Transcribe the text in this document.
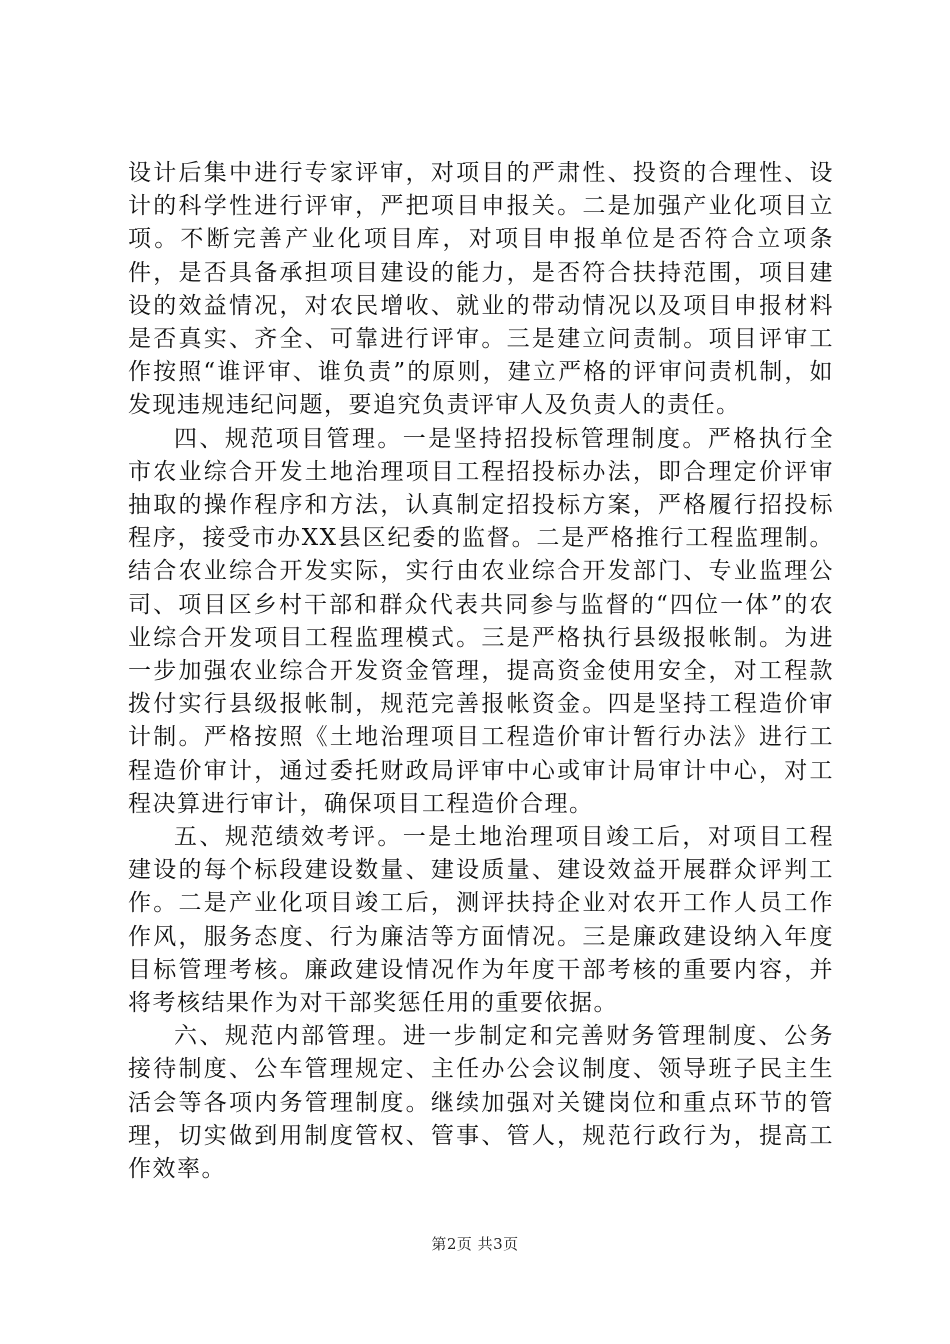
设计后集中进行专家评审，对项目的严肃性、投资的合理性、设计的科学性进行评审，严把项目申报关。二是加强产业化项目立项。不断完善产业化项目库，对项目申报单位是否符合立项条件，是否具备承担项目建设的能力，是否符合扶持范围，项目建设的效益情况，对农民增收、就业的带动情况以及项目申报材料是否真实、齐全、可靠进行评审。三是建立问责制。项目评审工作按照“谁评审、谁负责”的原则，建立严格的评审问责机制，如发现违规违纪问题，要追究负责评审人及负责人的责任。

四、规范项目管理。一是坚持招投标管理制度。严格执行全市农业综合开发土地治理项目工程招投标办法，即合理定价评审抽取的操作程序和方法，认真制定招投标方案，严格履行招投标程序，接受市办XX县区纪委的监督。二是严格推行工程监理制。结合农业综合开发实际，实行由农业综合开发部门、专业监理公司、项目区乡村干部和群众代表共同参与监督的“四位一体”的农业综合开发项目工程监理模式。三是严格执行县级报帐制。为进一步加强农业综合开发资金管理，提高资金使用安全，对工程款拨付实行县级报帐制，规范完善报帐资金。四是坚持工程造价审计制。严格按照《土地治理项目工程造价审计暂行办法》进行工程造价审计，通过委托财政局评审中心或审计局审计中心，对工程决算进行审计，确保项目工程造价合理。

五、规范绩效考评。一是土地治理项目竣工后，对项目工程建设的每个标段建设数量、建设质量、建设效益开展群众评判工作。二是产业化项目竣工后，测评扶持企业对农开工作人员工作作风，服务态度、行为廉洁等方面情况。三是廉政建设纳入年度目标管理考核。廉政建设情况作为年度干部考核的重要内容，并将考核结果作为对干部奖惩任用的重要依据。

六、规范内部管理。进一步制定和完善财务管理制度、公务接待制度、公车管理规定、主任办公会议制度、领导班子民主生活会等各项内务管理制度。继续加强对关键岗位和重点环节的管理，切实做到用制度管权、管事、管人，规范行政行为，提高工作效率。

第2页 共3页
